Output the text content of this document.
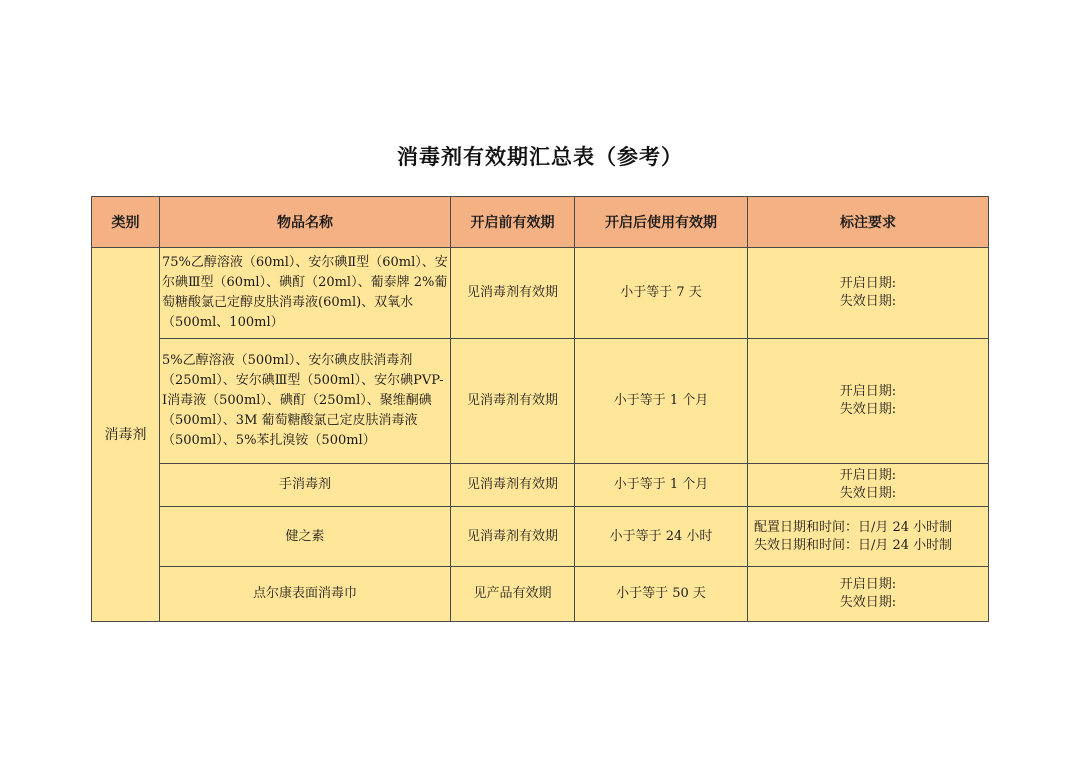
消毒剂有效期汇总表（参考）
类别	物品名称	开启前有效期	开启后使用有效期	标注要求
消毒剂	75%乙醇溶液（60ml）、安尔碘Ⅱ型（60ml）、安尔碘Ⅲ型（60ml）、碘酊（20ml）、葡泰牌 2%葡萄糖酸氯己定醇皮肤消毒液(60ml)、双氧水（500ml、100ml）	见消毒剂有效期	小于等于 7 天	开启日期:
失效日期:

	5%乙醇溶液（500ml）、安尔碘皮肤消毒剂（250ml）、安尔碘Ⅲ型（500ml）、安尔碘PVP-Ⅰ消毒液（500ml）、碘酊（250ml）、聚维酮碘（500ml）、3M 葡萄糖酸氯己定皮肤消毒液（500ml）、5%苯扎溴铵（500ml）	见消毒剂有效期	小于等于 1 个月	开启日期:
失效日期:

	手消毒剂	见消毒剂有效期	小于等于 1 个月	开启日期:
失效日期:

	健之素	见消毒剂有效期	小于等于 24 小时	配置日期和时间：日/月 24 小时制
失效日期和时间：日/月 24 小时制

	点尔康表面消毒巾	见产品有效期	小于等于 50 天	开启日期:
失效日期:
